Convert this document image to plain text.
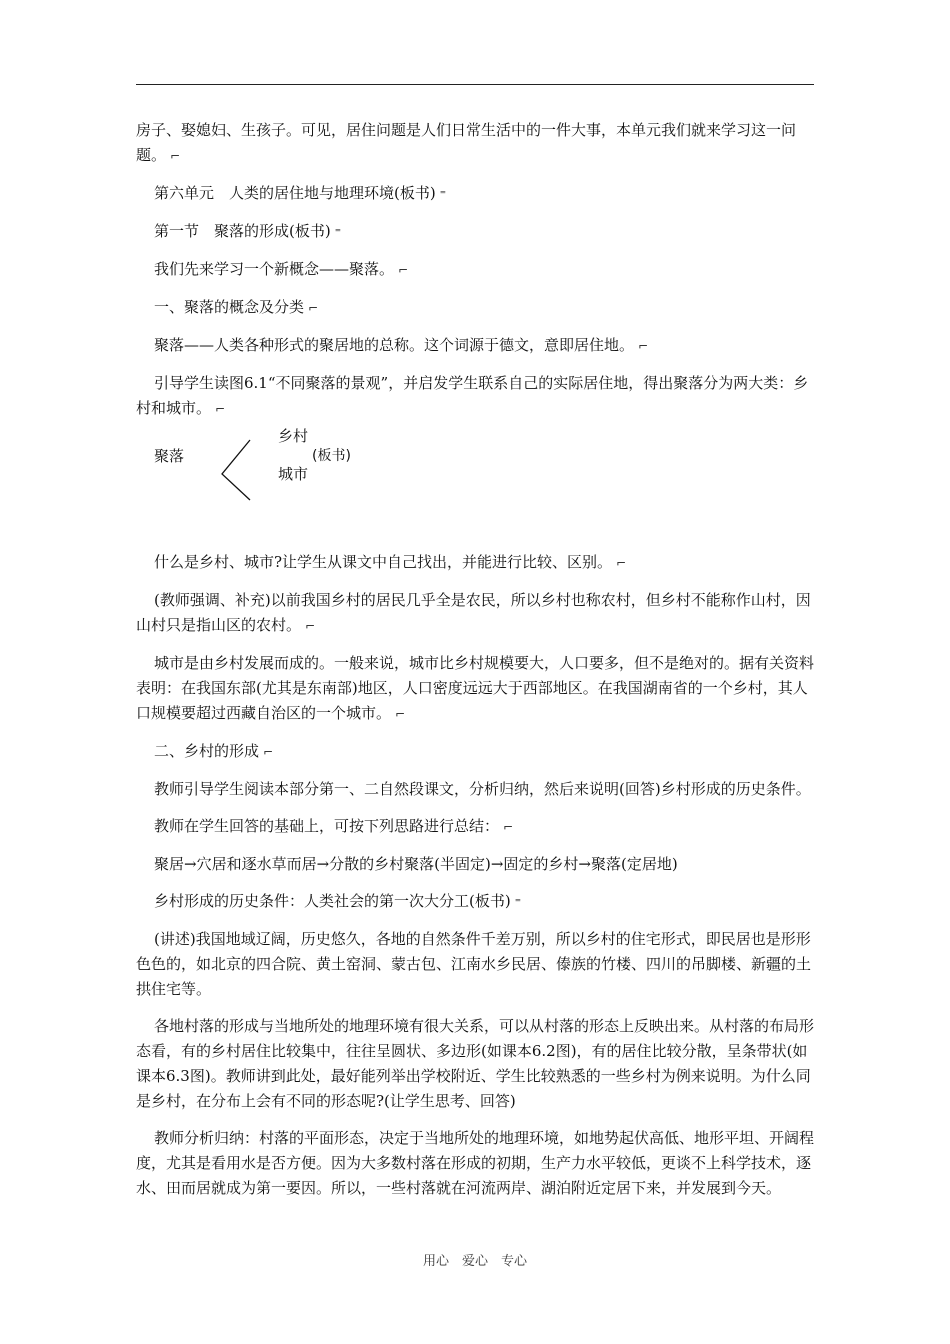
房子、娶媳妇、生孩子。可见，居住问题是人们日常生活中的一件大事，本单元我们就来学习这一问题。 ⌐

第六单元　人类的居住地与地理环境(板书) ⁼

第一节　聚落的形成(板书) ⁼

我们先来学习一个新概念——聚落。 ⌐

一、聚落的概念及分类 ⌐

聚落——人类各种形式的聚居地的总称。这个词源于德文，意即居住地。 ⌐

引导学生读图6.1“不同聚落的景观”，并启发学生联系自己的实际居住地，得出聚落分为两大类：乡村和城市。 ⌐

聚落
乡村
(板书)
城市

什么是乡村、城市?让学生从课文中自己找出，并能进行比较、区别。 ⌐

(教师强调、补充)以前我国乡村的居民几乎全是农民，所以乡村也称农村，但乡村不能称作山村，因山村只是指山区的农村。 ⌐

城市是由乡村发展而成的。一般来说，城市比乡村规模要大，人口要多，但不是绝对的。据有关资料表明：在我国东部(尤其是东南部)地区，人口密度远远大于西部地区。在我国湖南省的一个乡村，其人口规模要超过西藏自治区的一个城市。 ⌐

二、乡村的形成 ⌐

教师引导学生阅读本部分第一、二自然段课文，分析归纳，然后来说明(回答)乡村形成的历史条件。

教师在学生回答的基础上，可按下列思路进行总结： ⌐

聚居→穴居和逐水草而居→分散的乡村聚落(半固定)→固定的乡村→聚落(定居地)

乡村形成的历史条件：人类社会的第一次大分工(板书) ⁼

(讲述)我国地域辽阔，历史悠久，各地的自然条件千差万别，所以乡村的住宅形式，即民居也是形形色色的，如北京的四合院、黄土窑洞、蒙古包、江南水乡民居、傣族的竹楼、四川的吊脚楼、新疆的土拱住宅等。

各地村落的形成与当地所处的地理环境有很大关系，可以从村落的形态上反映出来。从村落的布局形态看，有的乡村居住比较集中，往往呈圆状、多边形(如课本6.2图)，有的居住比较分散，呈条带状(如课本6.3图)。教师讲到此处，最好能列举出学校附近、学生比较熟悉的一些乡村为例来说明。为什么同是乡村，在分布上会有不同的形态呢?(让学生思考、回答)

教师分析归纳：村落的平面形态，决定于当地所处的地理环境，如地势起伏高低、地形平坦、开阔程度，尤其是看用水是否方便。因为大多数村落在形成的初期，生产力水平较低，更谈不上科学技术，逐水、田而居就成为第一要因。所以，一些村落就在河流两岸、湖泊附近定居下来，并发展到今天。

用心　爱心　专心
